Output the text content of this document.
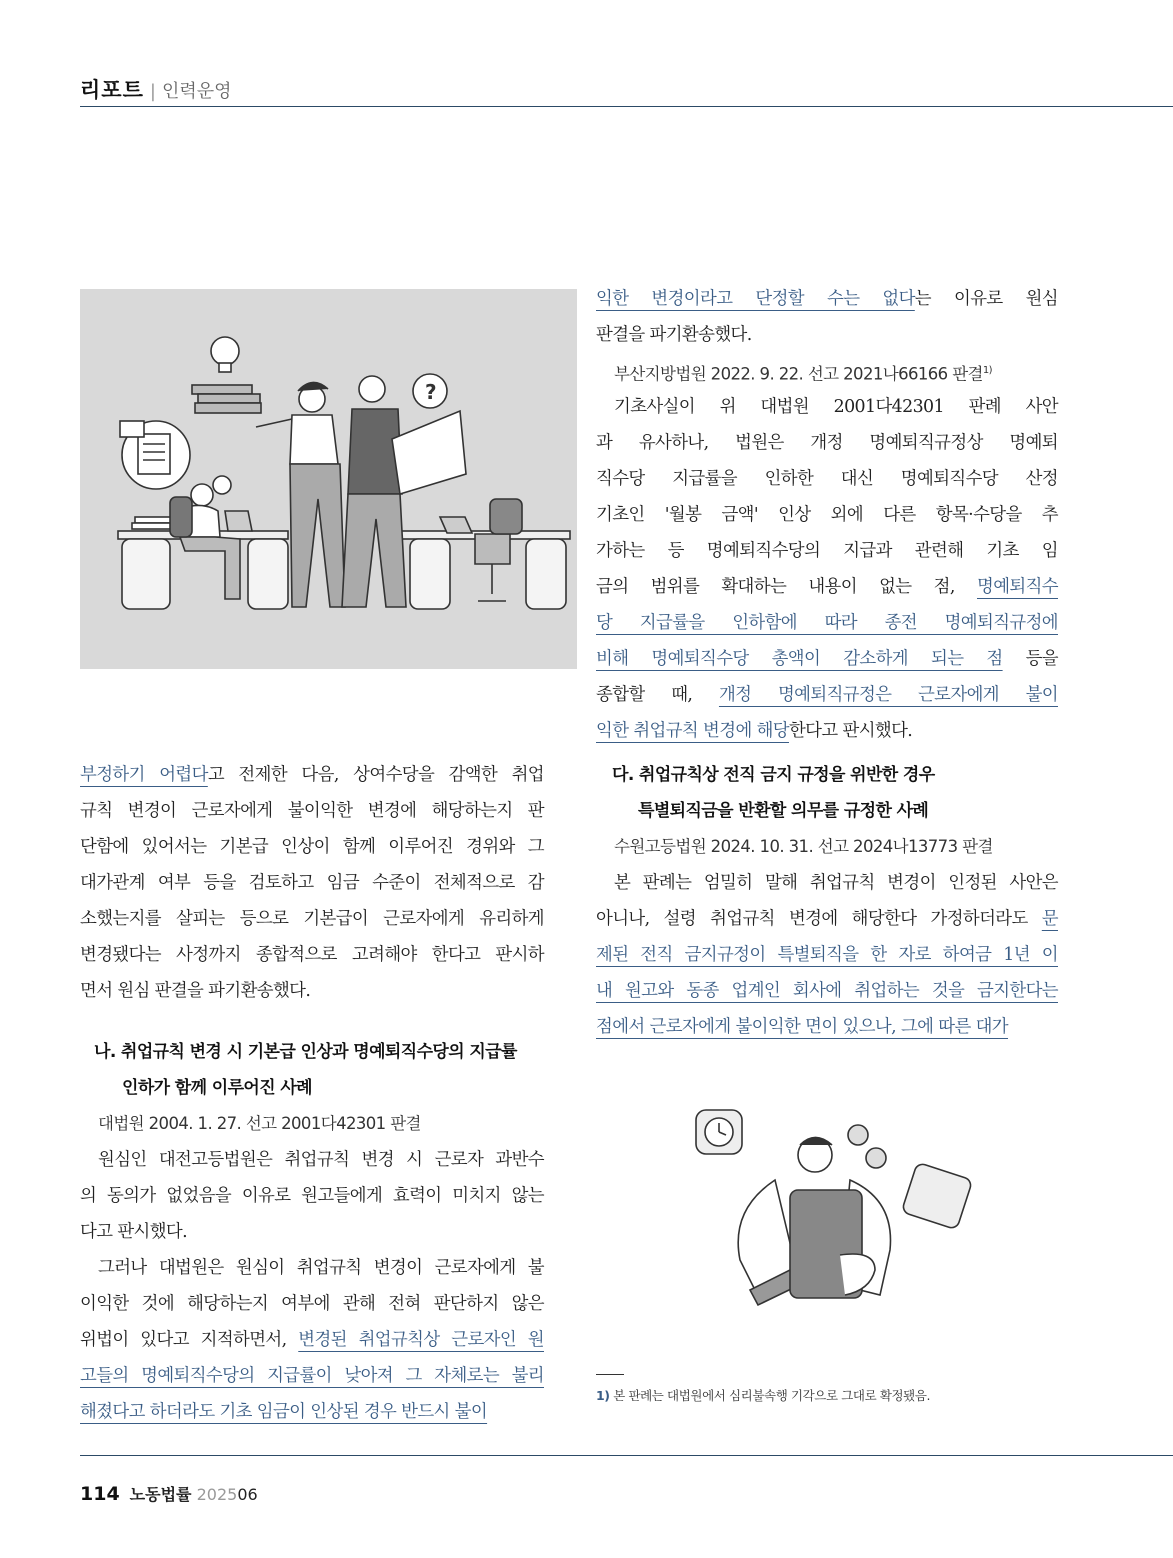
리포트 | 인력운영
?
익한 변경이라고 단정할 수는 없다는 이유로 원심
판결을 파기환송했다.
부산지방법원 2022. 9. 22. 선고 2021나66166 판결$^{1)}$
기초사실이 위 대법원 2001다42301 판례 사안
과 유사하나, 법원은 개정 명예퇴직규정상 명예퇴
직수당 지급률을 인하한 대신 명예퇴직수당 산정
기초인 '월봉 금액' 인상 외에 다른 항목·수당을 추
가하는 등 명예퇴직수당의 지급과 관련해 기초 임
금의 범위를 확대하는 내용이 없는 점, 명예퇴직수
당 지급률을 인하함에 따라 종전 명예퇴직규정에
비해 명예퇴직수당 총액이 감소하게 되는 점 등을
종합할 때, 개정 명예퇴직규정은 근로자에게 불이
익한 취업규칙 변경에 해당한다고 판시했다.
부정하기 어렵다고 전제한 다음, 상여수당을 감액한 취업
규칙 변경이 근로자에게 불이익한 변경에 해당하는지 판
단함에 있어서는 기본급 인상이 함께 이루어진 경위와 그
대가관계 여부 등을 검토하고 임금 수준이 전체적으로 감
소했는지를 살피는 등으로 기본급이 근로자에게 유리하게
변경됐다는 사정까지 종합적으로 고려해야 한다고 판시하
면서 원심 판결을 파기환송했다.
나. 취업규칙 변경 시 기본급 인상과 명예퇴직수당의 지급률
인하가 함께 이루어진 사례
대법원 2004. 1. 27. 선고 2001다42301 판결
원심인 대전고등법원은 취업규칙 변경 시 근로자 과반수
의 동의가 없었음을 이유로 원고들에게 효력이 미치지 않는
다고 판시했다.
그러나 대법원은 원심이 취업규칙 변경이 근로자에게 불
이익한 것에 해당하는지 여부에 관해 전혀 판단하지 않은
위법이 있다고 지적하면서, 변경된 취업규칙상 근로자인 원
고들의 명예퇴직수당의 지급률이 낮아져 그 자체로는 불리
해졌다고 하더라도 기초 임금이 인상된 경우 반드시 불이
다. 취업규칙상 전직 금지 규정을 위반한 경우
특별퇴직금을 반환할 의무를 규정한 사례
수원고등법원 2024. 10. 31. 선고 2024나13773 판결
본 판례는 엄밀히 말해 취업규칙 변경이 인정된 사안은
아니나, 설령 취업규칙 변경에 해당한다 가정하더라도 문
제된 전직 금지규정이 특별퇴직을 한 자로 하여금 1년 이
내 원고와 동종 업계인 회사에 취업하는 것을 금지한다는
점에서 근로자에게 불이익한 면이 있으나, 그에 따른 대가
1) 본 판례는 대법원에서 심리불속행 기각으로 그대로 확정됐음.
114 노동법률 202506
